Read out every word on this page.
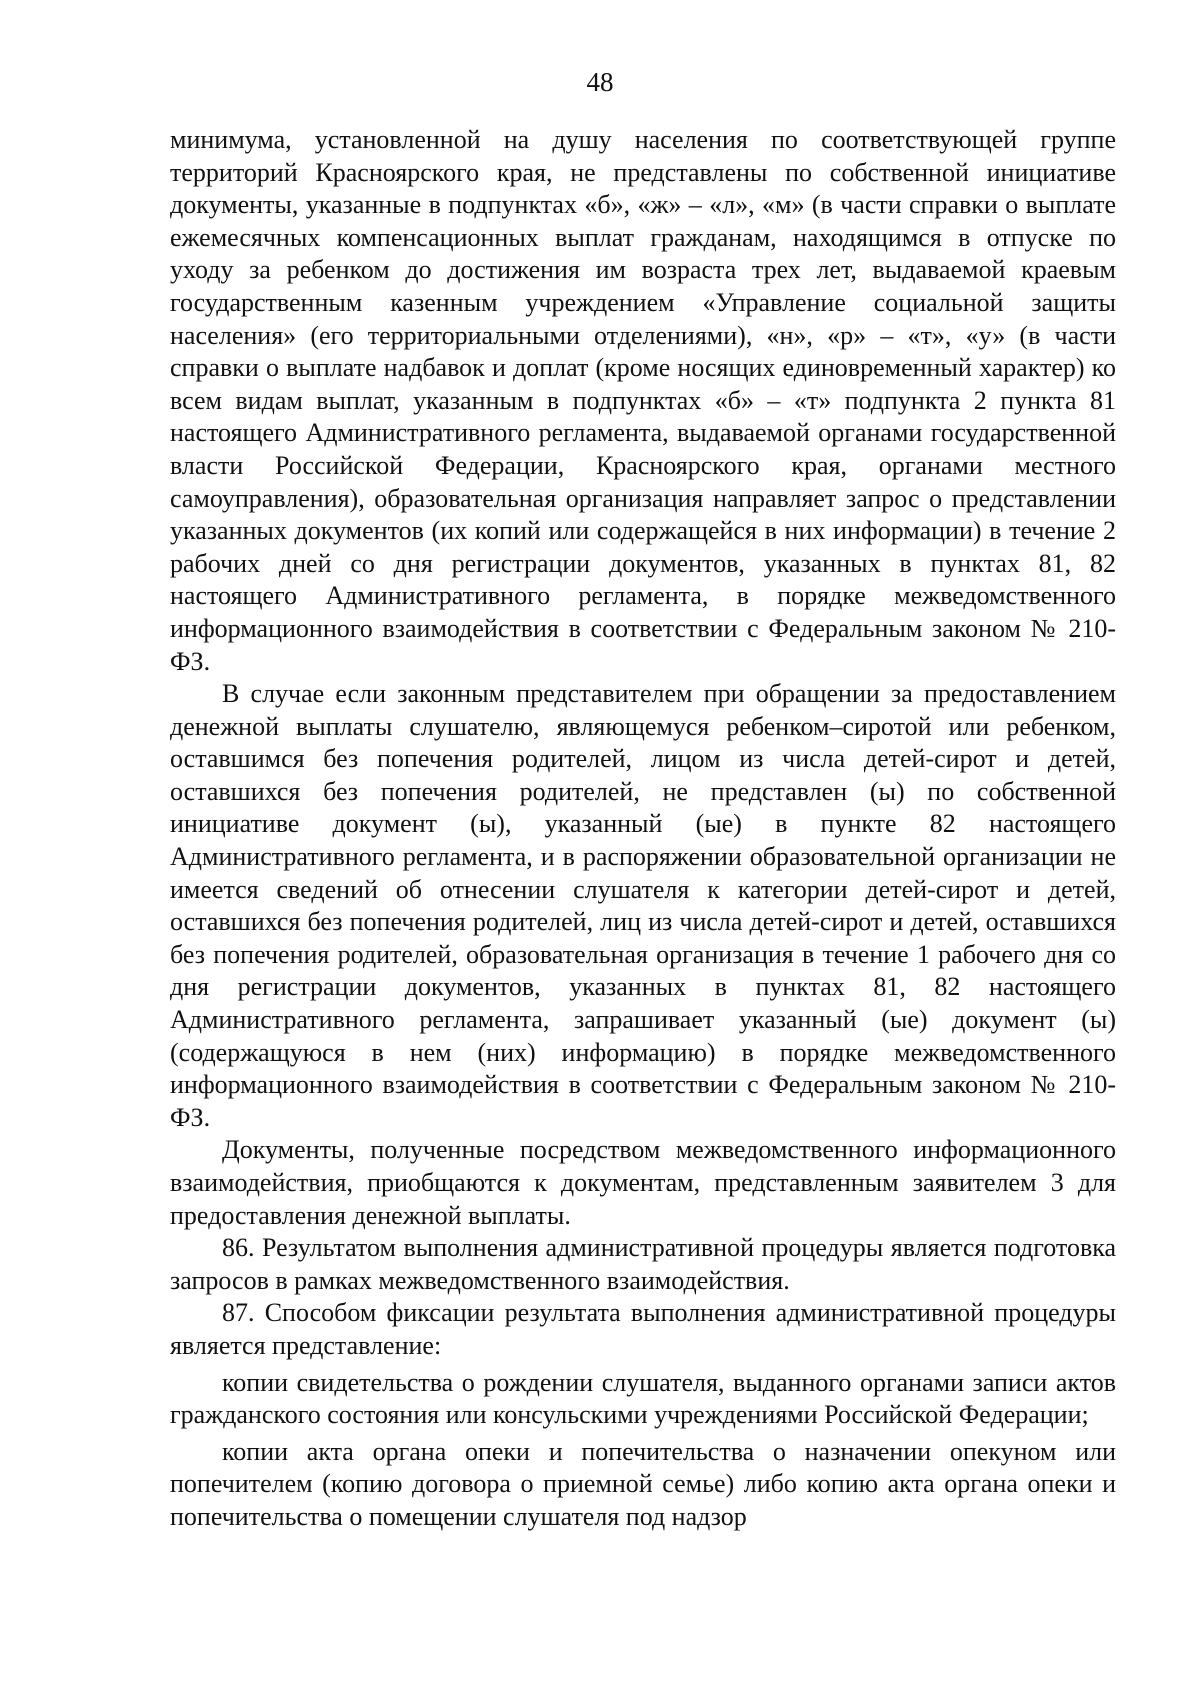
48

минимума, установленной на душу населения по соответствующей группе территорий Красноярского края, не представлены по собственной инициативе документы, указанные в подпунктах «б», «ж» – «л», «м» (в части справки о выплате ежемесячных компенсационных выплат гражданам, находящимся в отпуске по уходу за ребенком до достижения им возраста трех лет, выдаваемой краевым государственным казенным учреждением «Управление социальной защиты населения» (его территориальными отделениями), «н», «р» – «т», «у» (в части справки о выплате надбавок и доплат (кроме носящих единовременный характер) ко всем видам выплат, указанным в подпунктах «б» – «т» подпункта 2 пункта 81 настоящего Административного регламента, выдаваемой органами государственной власти Российской Федерации, Красноярского края, органами местного самоуправления), образовательная организация направляет запрос о представлении указанных документов (их копий или содержащейся в них информации) в течение 2 рабочих дней со дня регистрации документов, указанных в пунктах 81, 82 настоящего Административного регламента, в порядке межведомственного информационного взаимодействия в соответствии с Федеральным законом № 210-ФЗ.

В случае если законным представителем при обращении за предоставлением денежной выплаты слушателю, являющемуся ребенком–сиротой или ребенком, оставшимся без попечения родителей, лицом из числа детей-сирот и детей, оставшихся без попечения родителей, не представлен (ы) по собственной инициативе документ (ы), указанный (ые) в пункте 82 настоящего Административного регламента, и в распоряжении образовательной организации не имеется сведений об отнесении слушателя к категории детей-сирот и детей, оставшихся без попечения родителей, лиц из числа детей-сирот и детей, оставшихся без попечения родителей, образовательная организация в течение 1 рабочего дня со дня регистрации документов, указанных в пунктах 81, 82 настоящего Административного регламента, запрашивает указанный (ые) документ (ы) (содержащуюся в нем (них) информацию) в порядке межведомственного информационного взаимодействия в соответствии с Федеральным законом № 210-ФЗ.

Документы, полученные посредством межведомственного информационного взаимодействия, приобщаются к документам, представленным заявителем 3 для предоставления денежной выплаты.

86. Результатом выполнения административной процедуры является подготовка запросов в рамках межведомственного взаимодействия.

87. Способом фиксации результата выполнения административной процедуры является представление:

копии свидетельства о рождении слушателя, выданного органами записи актов гражданского состояния или консульскими учреждениями Российской Федерации;

копии акта органа опеки и попечительства о назначении опекуном или попечителем (копию договора о приемной семье) либо копию акта органа опеки и попечительства о помещении слушателя под надзор
